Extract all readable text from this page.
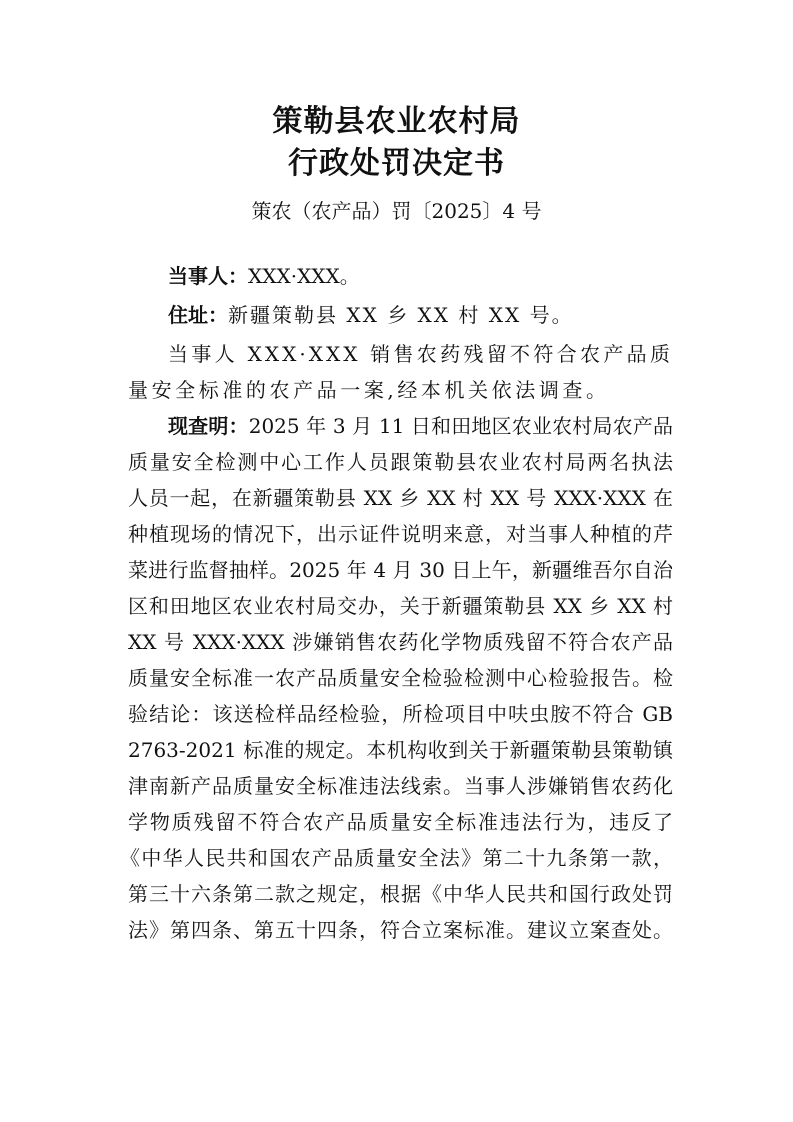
策勒县农业农村局
行政处罚决定书

策农（农产品）罚〔2025〕4 号

当事人：XXX·XXX。

住址：新疆策勒县 XX 乡 XX 村 XX 号。

当事人 XXX·XXX 销售农药残留不符合农产品质

量安全标准的农产品一案,经本机关依法调查。

现查明：2025 年 3 月 11 日和田地区农业农村局农产品

质量安全检测中心工作人员跟策勒县农业农村局两名执法

人员一起，在新疆策勒县 XX 乡 XX 村 XX 号 XXX·XXX 在

种植现场的情况下，出示证件说明来意，对当事人种植的芹

菜进行监督抽样。2025 年 4 月 30 日上午，新疆维吾尔自治

区和田地区农业农村局交办，关于新疆策勒县 XX 乡 XX 村

XX 号 XXX·XXX 涉嫌销售农药化学物质残留不符合农产品

质量安全标准一农产品质量安全检验检测中心检验报告。检

验结论：该送检样品经检验，所检项目中呋虫胺不符合 GB

2763-2021 标准的规定。本机构收到关于新疆策勒县策勒镇

津南新产品质量安全标准违法线索。当事人涉嫌销售农药化

学物质残留不符合农产品质量安全标准违法行为，违反了

《中华人民共和国农产品质量安全法》第二十九条第一款，

第三十六条第二款之规定，根据《中华人民共和国行政处罚

法》第四条、第五十四条，符合立案标准。建议立案查处。
